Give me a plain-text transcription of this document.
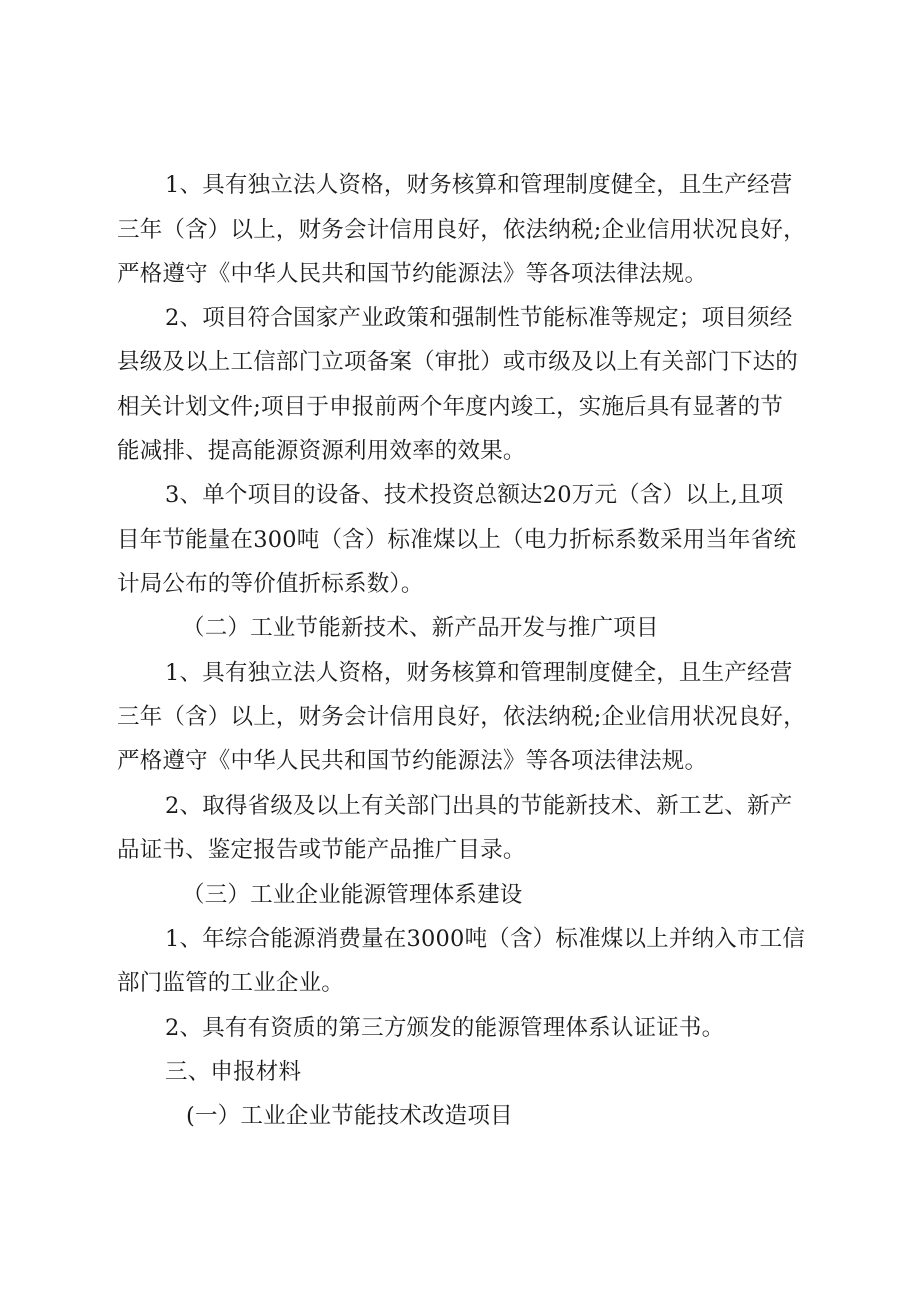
1、具有独立法人资格，财务核算和管理制度健全，且生产经营

三年（含）以上，财务会计信用良好，依法纳税;企业信用状况良好，

严格遵守《中华人民共和国节约能源法》等各项法律法规。

2、项目符合国家产业政策和强制性节能标准等规定；项目须经

县级及以上工信部门立项备案（审批）或市级及以上有关部门下达的

相关计划文件;项目于申报前两个年度内竣工，实施后具有显著的节

能减排、提高能源资源利用效率的效果。

3、单个项目的设备、技术投资总额达20万元（含）以上,且项

目年节能量在300吨（含）标准煤以上（电力折标系数采用当年省统

计局公布的等价值折标系数）。

（二）工业节能新技术、新产品开发与推广项目

1、具有独立法人资格，财务核算和管理制度健全，且生产经营

三年（含）以上，财务会计信用良好，依法纳税;企业信用状况良好，

严格遵守《中华人民共和国节约能源法》等各项法律法规。

2、取得省级及以上有关部门出具的节能新技术、新工艺、新产

品证书、鉴定报告或节能产品推广目录。

（三）工业企业能源管理体系建设

1、年综合能源消费量在3000吨（含）标准煤以上并纳入市工信

部门监管的工业企业。

2、具有有资质的第三方颁发的能源管理体系认证证书。

三、申报材料

(一）工业企业节能技术改造项目
